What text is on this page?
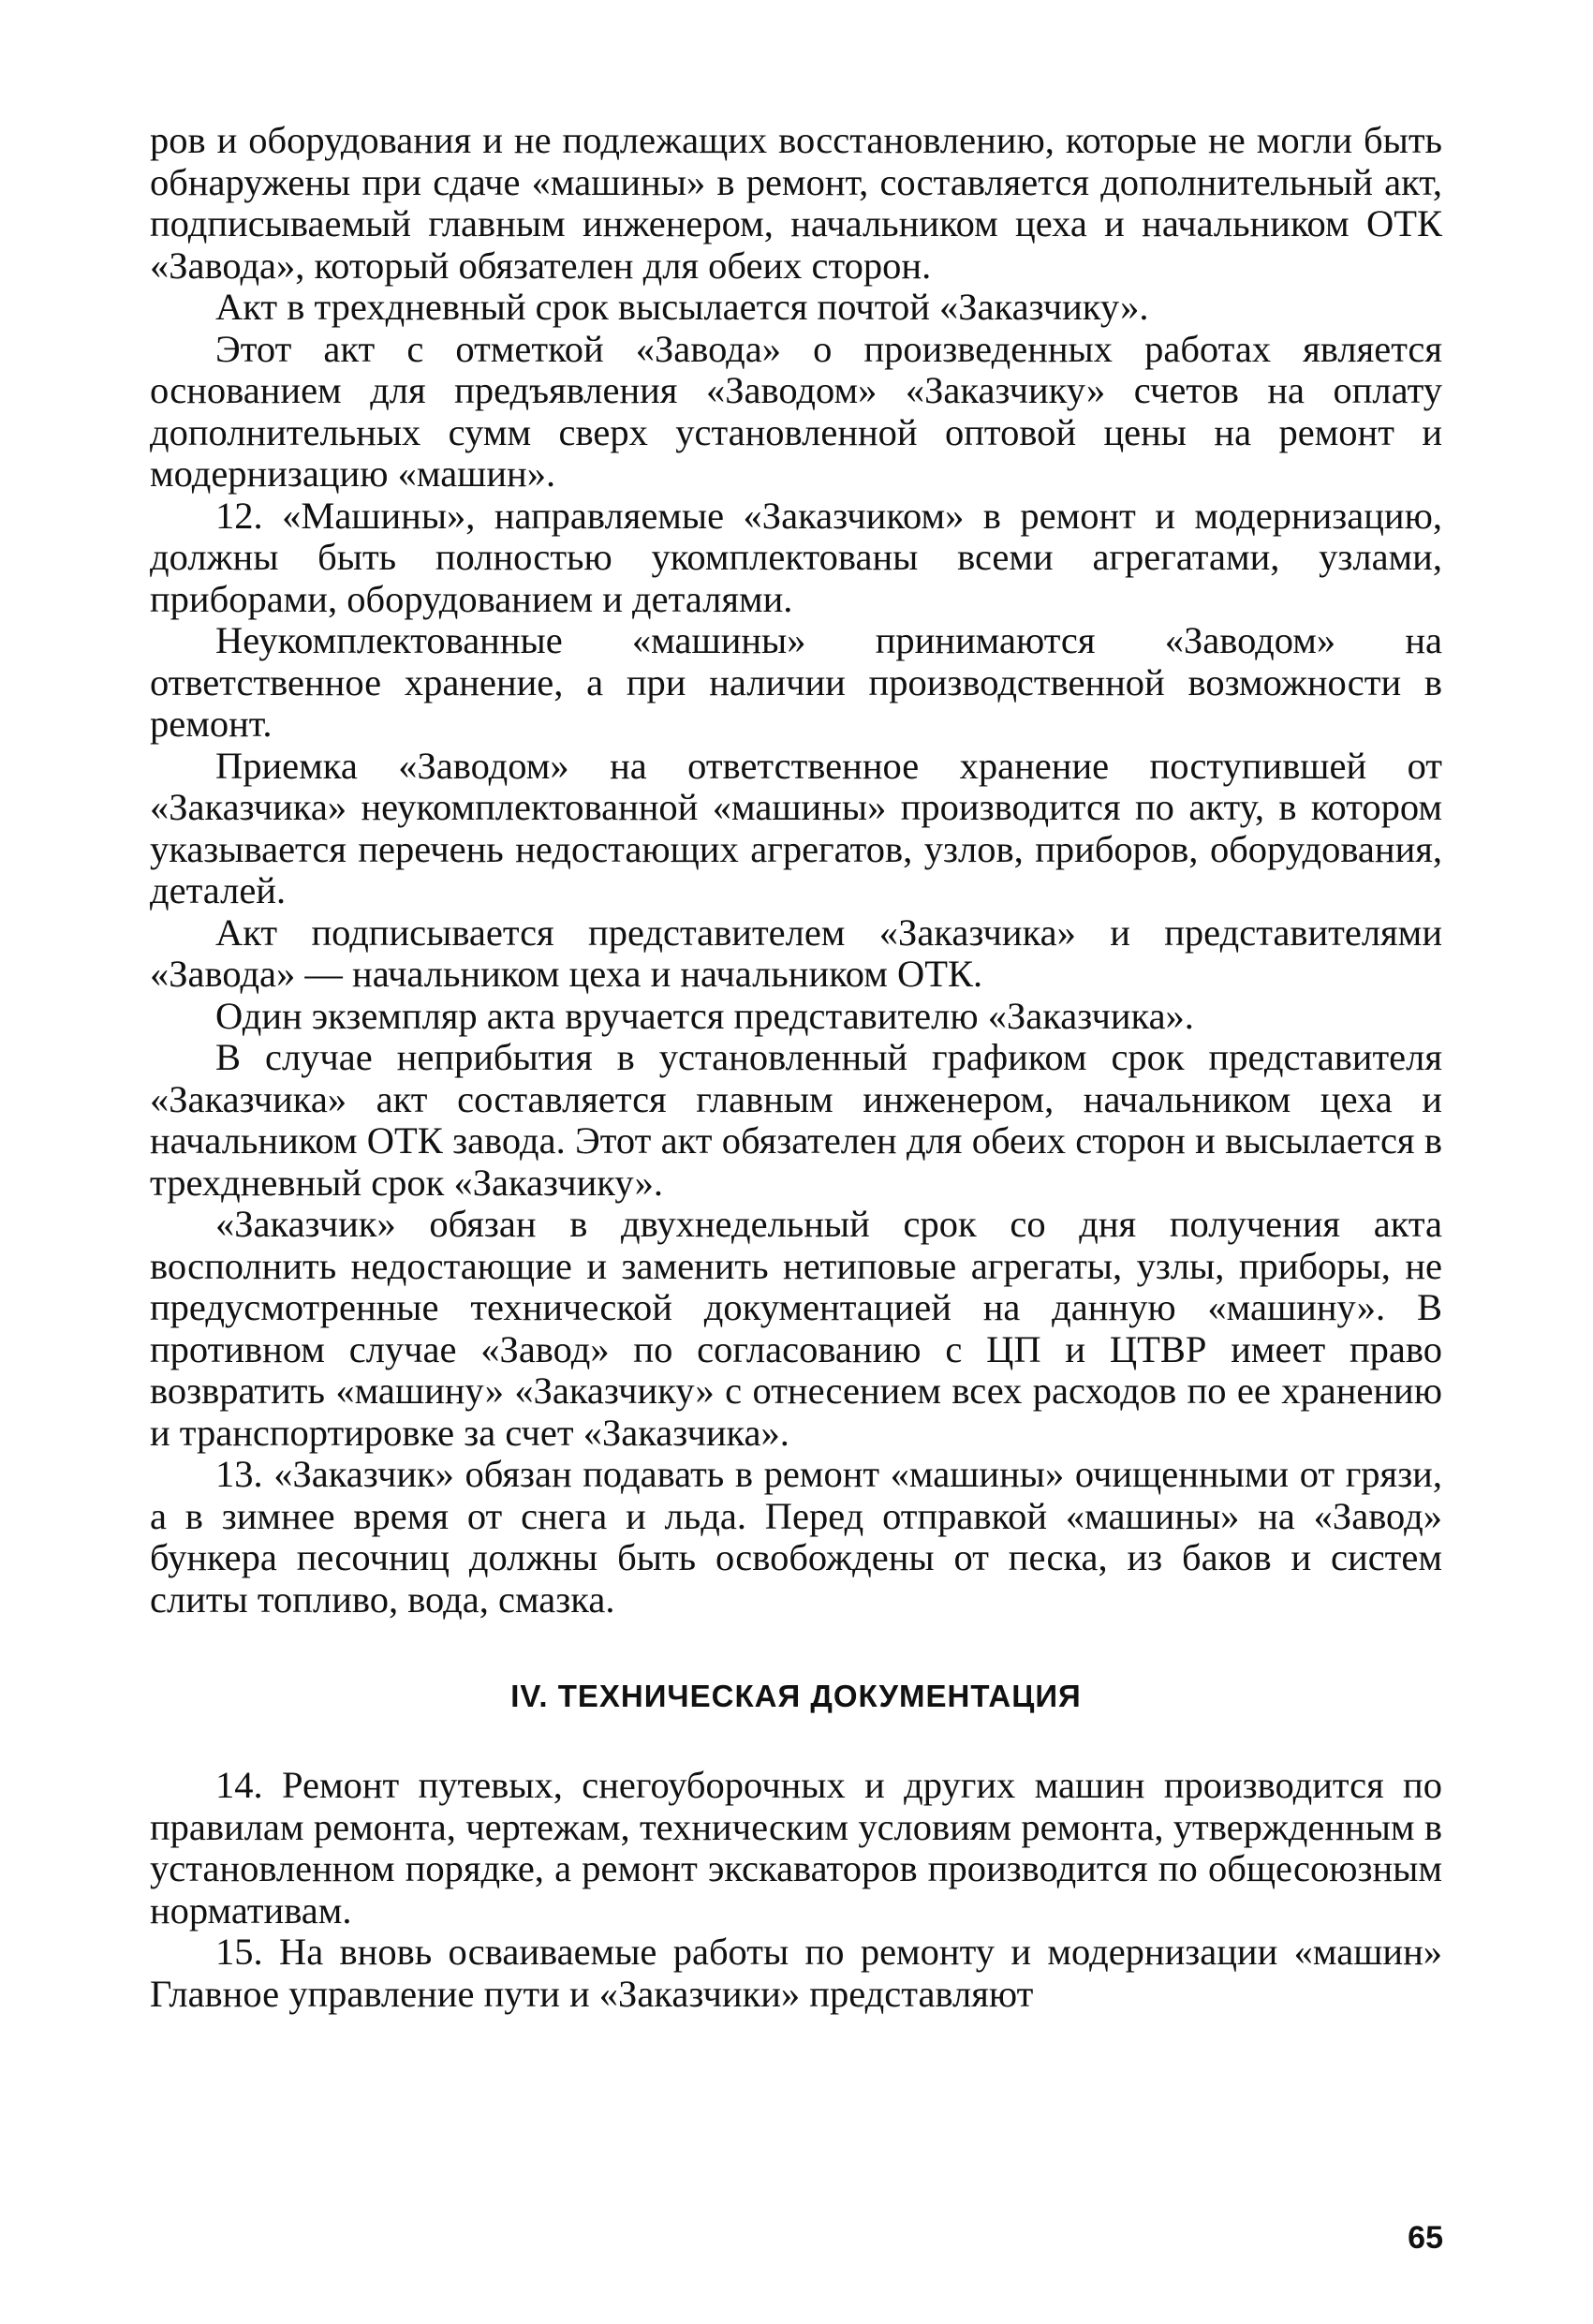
ров и оборудования и не подлежащих восстановлению, которые не могли быть обнаружены при сдаче «машины» в ремонт, составляется дополнительный акт, подписываемый главным инженером, начальником цеха и начальником ОТК «Завода», который обязателен для обеих сторон.

Акт в трехдневный срок высылается почтой «Заказчику».

Этот акт с отметкой «Завода» о произведенных работах является основанием для предъявления «Заводом» «Заказчику» счетов на оплату дополнительных сумм сверх установленной оптовой цены на ремонт и модернизацию «машин».

12. «Машины», направляемые «Заказчиком» в ремонт и модернизацию, должны быть полностью укомплектованы всеми агрегатами, узлами, приборами, оборудованием и деталями.

Неукомплектованные «машины» принимаются «Заводом» на ответственное хранение, а при наличии производственной возможности в ремонт.

Приемка «Заводом» на ответственное хранение поступившей от «Заказчика» неукомплектованной «машины» производится по акту, в котором указывается перечень недостающих агрегатов, узлов, приборов, оборудования, деталей.

Акт подписывается представителем «Заказчика» и представителями «Завода» — начальником цеха и начальником ОТК.

Один экземпляр акта вручается представителю «Заказчика».

В случае неприбытия в установленный графиком срок представителя «Заказчика» акт составляется главным инженером, начальником цеха и начальником ОТК завода. Этот акт обязателен для обеих сторон и высылается в трехдневный срок «Заказчику».

«Заказчик» обязан в двухнедельный срок со дня получения акта восполнить недостающие и заменить нетиповые агрегаты, узлы, приборы, не предусмотренные технической документацией на данную «машину». В противном случае «Завод» по согласованию с ЦП и ЦТВР имеет право возвратить «машину» «Заказчику» с отнесением всех расходов по ее хранению и транспортировке за счет «Заказчика».

13. «Заказчик» обязан подавать в ремонт «машины» очищенными от грязи, а в зимнее время от снега и льда. Перед отправкой «машины» на «Завод» бункера песочниц должны быть освобождены от песка, из баков и систем слиты топливо, вода, смазка.

IV. ТЕХНИЧЕСКАЯ ДОКУМЕНТАЦИЯ

14. Ремонт путевых, снегоуборочных и других машин производится по правилам ремонта, чертежам, техническим условиям ремонта, утвержденным в установленном порядке, а ремонт экскаваторов производится по общесоюзным нормативам.

15. На вновь осваиваемые работы по ремонту и модернизации «машин» Главное управление пути и «Заказчики» представляют

65
